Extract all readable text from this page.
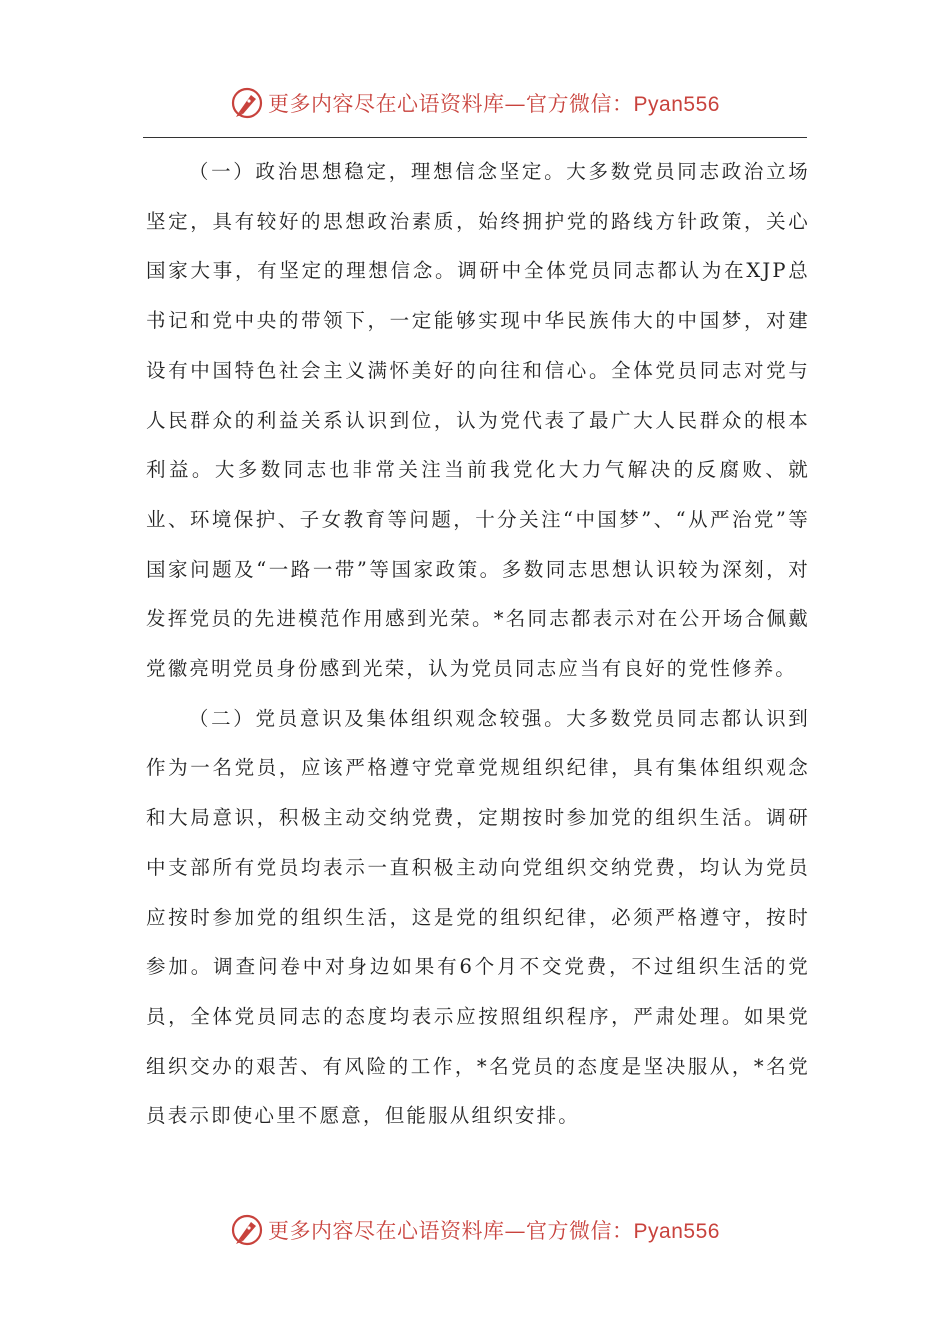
更多内容尽在心语资料库—官方微信：Pyan556

（一）政治思想稳定，理想信念坚定。大多数党员同志政治立场坚定，具有较好的思想政治素质，始终拥护党的路线方针政策，关心国家大事，有坚定的理想信念。调研中全体党员同志都认为在XJP总书记和党中央的带领下，一定能够实现中华民族伟大的中国梦，对建设有中国特色社会主义满怀美好的向往和信心。全体党员同志对党与人民群众的利益关系认识到位，认为党代表了最广大人民群众的根本利益。大多数同志也非常关注当前我党化大力气解决的反腐败、就业、环境保护、子女教育等问题，十分关注“中国梦”、“从严治党”等国家问题及“一路一带”等国家政策。多数同志思想认识较为深刻，对发挥党员的先进模范作用感到光荣。*名同志都表示对在公开场合佩戴党徽亮明党员身份感到光荣，认为党员同志应当有良好的党性修养。

（二）党员意识及集体组织观念较强。大多数党员同志都认识到作为一名党员，应该严格遵守党章党规组织纪律，具有集体组织观念和大局意识，积极主动交纳党费，定期按时参加党的组织生活。调研中支部所有党员均表示一直积极主动向党组织交纳党费，均认为党员应按时参加党的组织生活，这是党的组织纪律，必须严格遵守，按时参加。调查问卷中对身边如果有6个月不交党费，不过组织生活的党员，全体党员同志的态度均表示应按照组织程序，严肃处理。如果党组织交办的艰苦、有风险的工作，*名党员的态度是坚决服从，*名党员表示即使心里不愿意，但能服从组织安排。

更多内容尽在心语资料库—官方微信：Pyan556
